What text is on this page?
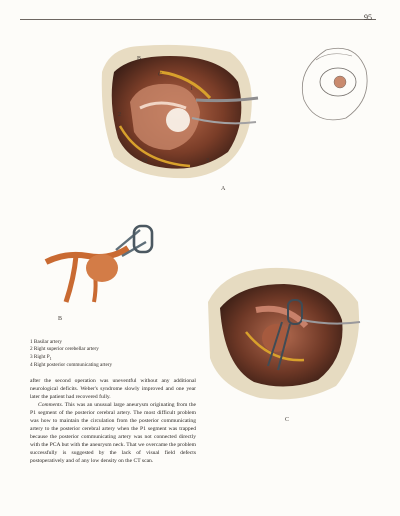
95
B
C
1
2
3
M
A
B
C
1 Basilar artery
2 Right superior cerebellar artery
3 Right $P_1$
4 Right posterior communicating artery

after the second operation was uneventful without any additional neurological deficits. Weber's syndrome slowly improved and one year later the patient had recovered fully.

Comments. This was an unusual large aneurysm originating from the P1 segment of the posterior cerebral artery. The most difficult problem was how to maintain the circulation from the posterior communicating artery to the posterior cerebral artery when the P1 segment was trapped because the posterior communicating artery was not connected directly with the PCA but with the aneurysm neck. That we overcame the problem successfully is suggested by the lack of visual field defects postoperatively and of any low density on the CT scan.
